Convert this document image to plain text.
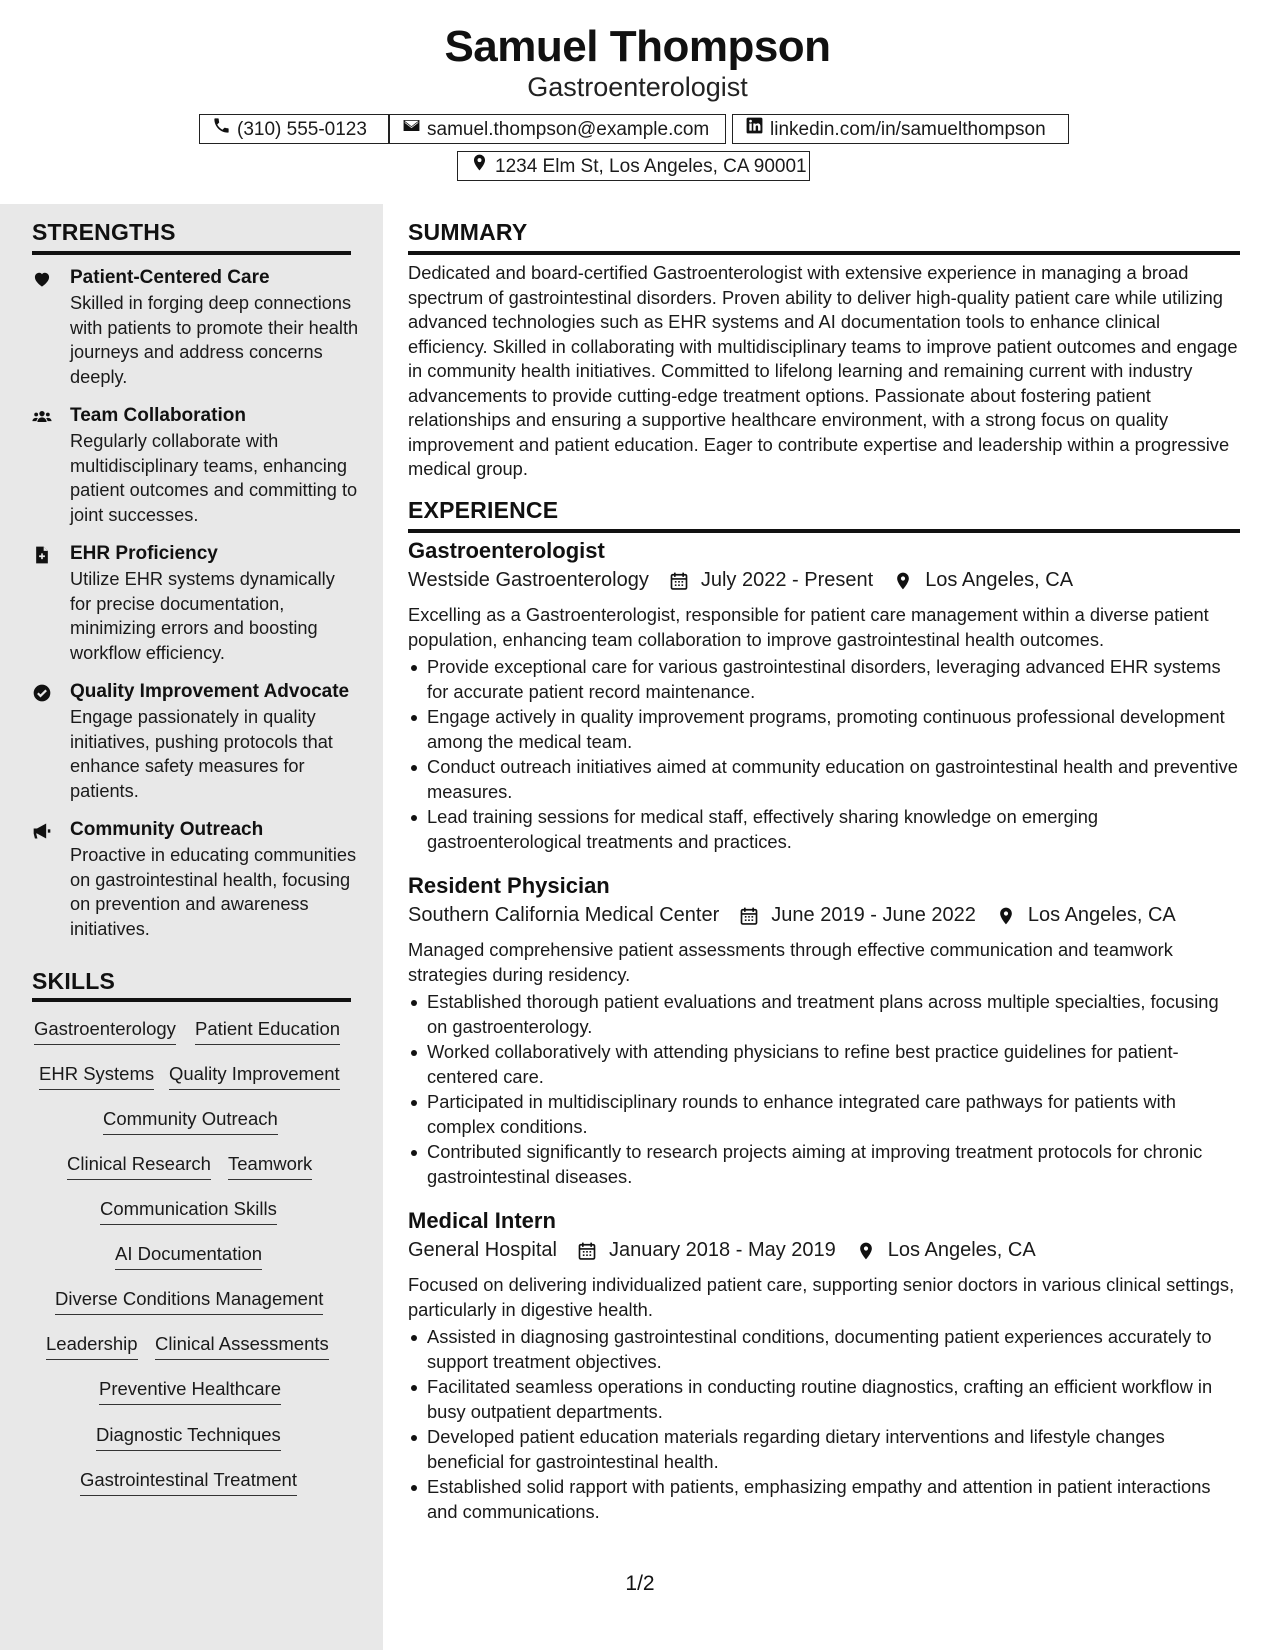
Samuel Thompson
Gastroenterologist
(310) 555-0123	samuel.thompson@example.com	linkedin.com/in/samuelthompson
1234 Elm St, Los Angeles, CA 90001
STRENGTHS
Patient-Centered Care
Skilled in forging deep connections with patients to promote their health journeys and address concerns deeply.
Team Collaboration
Regularly collaborate with multidisciplinary teams, enhancing patient outcomes and committing to joint successes.
EHR Proficiency
Utilize EHR systems dynamically for precise documentation, minimizing errors and boosting workflow efficiency.
Quality Improvement Advocate
Engage passionately in quality initiatives, pushing protocols that enhance safety measures for patients.
Community Outreach
Proactive in educating communities on gastrointestinal health, focusing on prevention and awareness initiatives.
SKILLS
Gastroenterology Patient Education
EHR Systems Quality Improvement
Community Outreach
Clinical Research Teamwork
Communication Skills
AI Documentation
Diverse Conditions Management
Leadership Clinical Assessments
Preventive Healthcare
Diagnostic Techniques
Gastrointestinal Treatment
SUMMARY
Dedicated and board-certified Gastroenterologist with extensive experience in managing a broad spectrum of gastrointestinal disorders. Proven ability to deliver high-quality patient care while utilizing advanced technologies such as EHR systems and AI documentation tools to enhance clinical efficiency. Skilled in collaborating with multidisciplinary teams to improve patient outcomes and engage in community health initiatives. Committed to lifelong learning and remaining current with industry advancements to provide cutting-edge treatment options. Passionate about fostering patient relationships and ensuring a supportive healthcare environment, with a strong focus on quality improvement and patient education. Eager to contribute expertise and leadership within a progressive medical group.
EXPERIENCE
Gastroenterologist
Westside Gastroenterology	July 2022 - Present	Los Angeles, CA
Excelling as a Gastroenterologist, responsible for patient care management within a diverse patient population, enhancing team collaboration to improve gastrointestinal health outcomes.
Provide exceptional care for various gastrointestinal disorders, leveraging advanced EHR systems for accurate patient record maintenance.
Engage actively in quality improvement programs, promoting continuous professional development among the medical team.
Conduct outreach initiatives aimed at community education on gastrointestinal health and preventive measures.
Lead training sessions for medical staff, effectively sharing knowledge on emerging gastroenterological treatments and practices.
Resident Physician
Southern California Medical Center	June 2019 - June 2022	Los Angeles, CA
Managed comprehensive patient assessments through effective communication and teamwork strategies during residency.
Established thorough patient evaluations and treatment plans across multiple specialties, focusing on gastroenterology.
Worked collaboratively with attending physicians to refine best practice guidelines for patient-centered care.
Participated in multidisciplinary rounds to enhance integrated care pathways for patients with complex conditions.
Contributed significantly to research projects aiming at improving treatment protocols for chronic gastrointestinal diseases.
Medical Intern
General Hospital	January 2018 - May 2019	Los Angeles, CA
Focused on delivering individualized patient care, supporting senior doctors in various clinical settings, particularly in digestive health.
Assisted in diagnosing gastrointestinal conditions, documenting patient experiences accurately to support treatment objectives.
Facilitated seamless operations in conducting routine diagnostics, crafting an efficient workflow in busy outpatient departments.
Developed patient education materials regarding dietary interventions and lifestyle changes beneficial for gastrointestinal health.
Established solid rapport with patients, emphasizing empathy and attention in patient interactions and communications.
1/2
